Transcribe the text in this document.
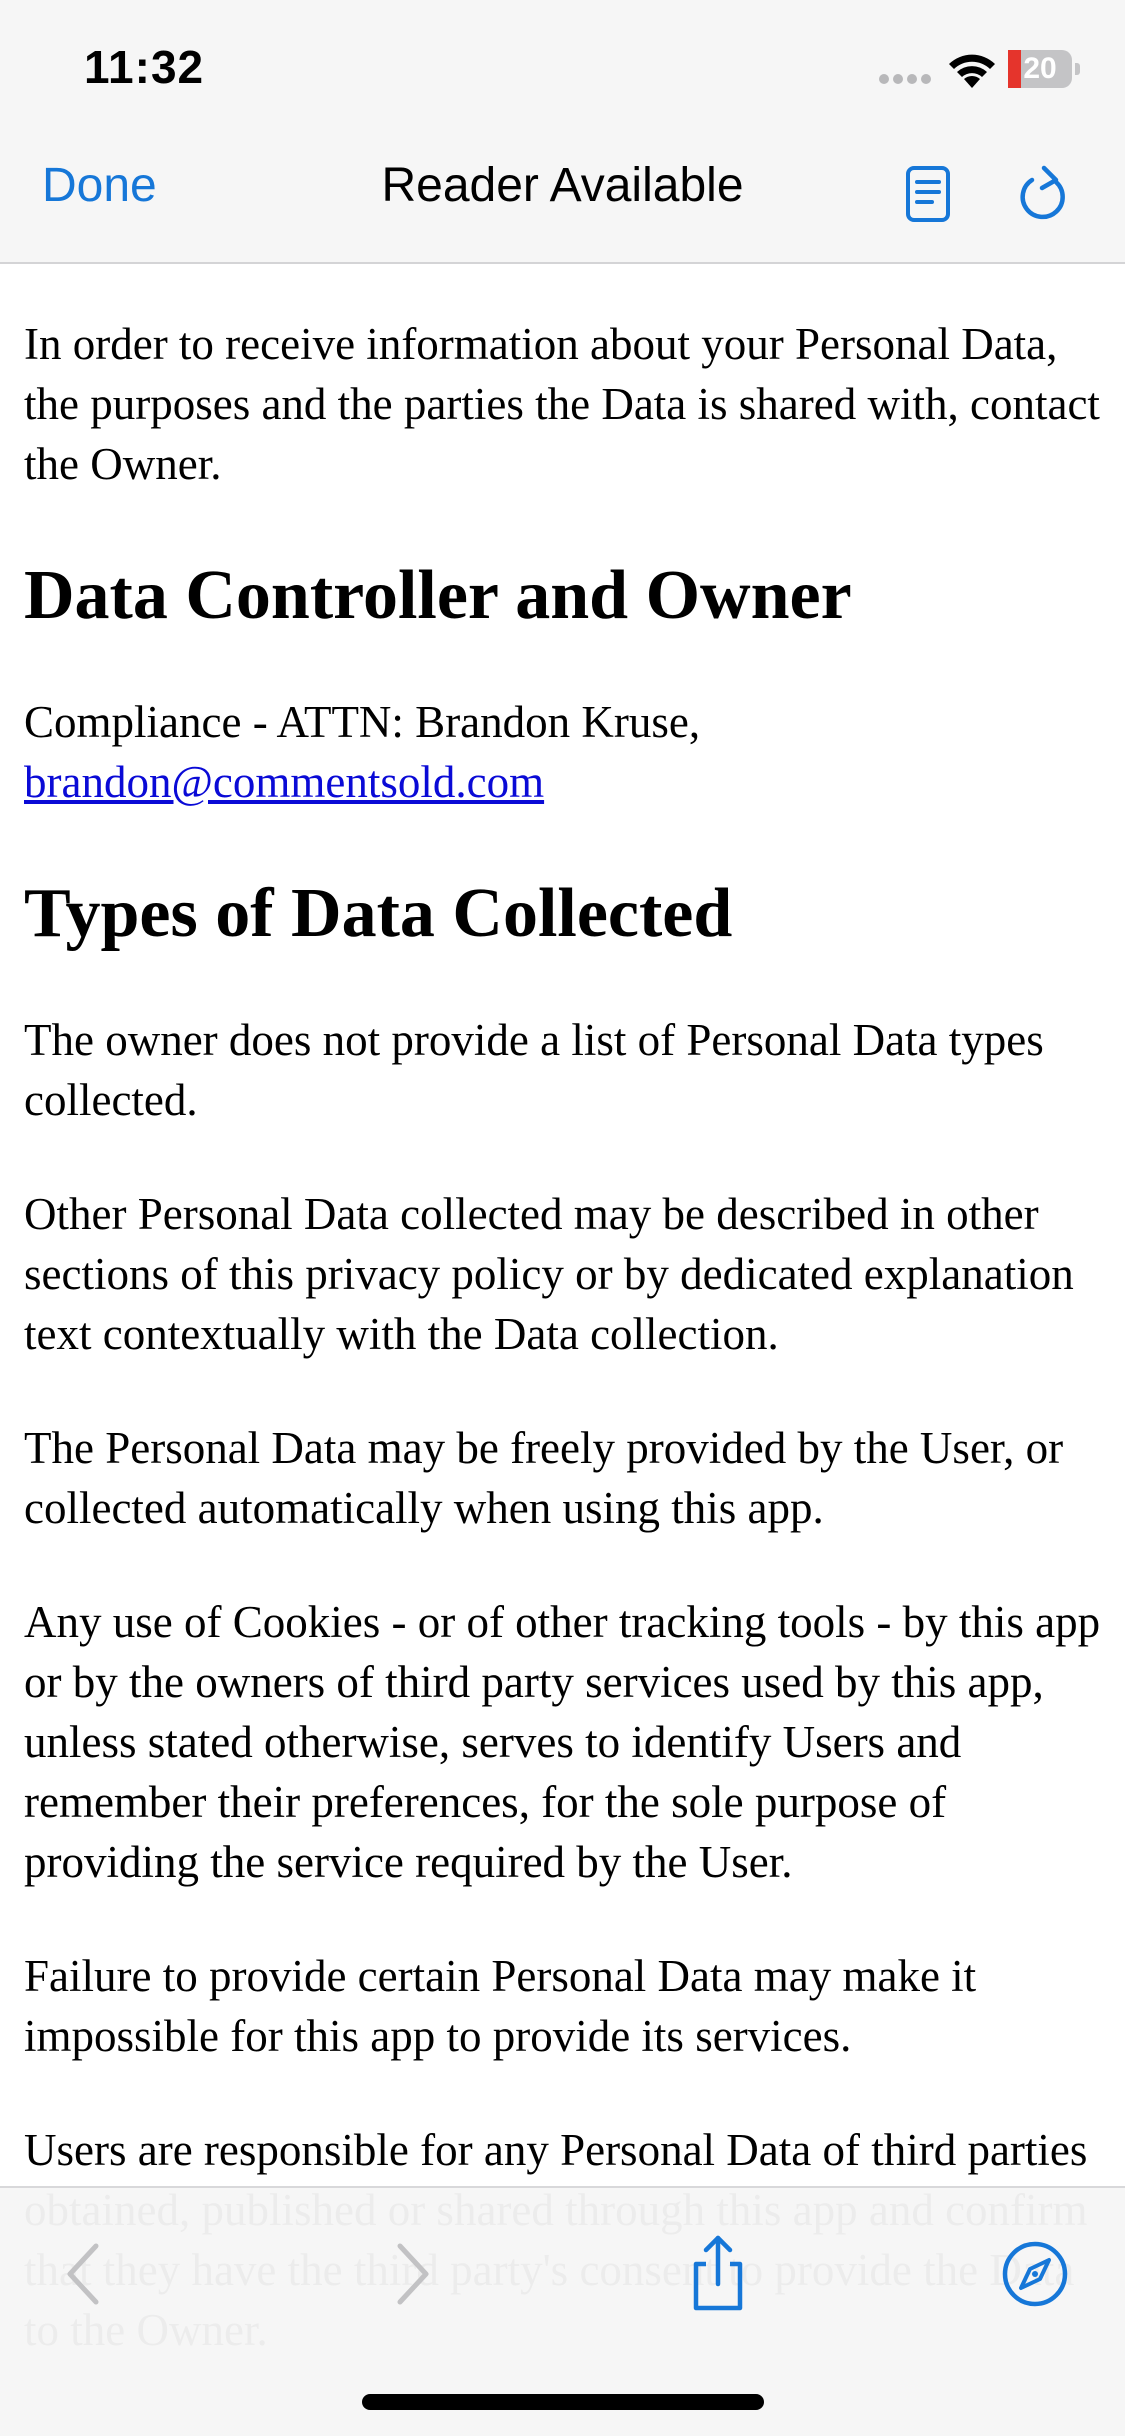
11:32	20
Done	Reader Available

In order to receive information about your Personal Data, the purposes and the parties the Data is shared with, contact the Owner.

Data Controller and Owner

Compliance - ATTN: Brandon Kruse,
brandon@commentsold.com

Types of Data Collected

The owner does not provide a list of Personal Data types collected.

Other Personal Data collected may be described in other sections of this privacy policy or by dedicated explanation text contextually with the Data collection.

The Personal Data may be freely provided by the User, or collected automatically when using this app.

Any use of Cookies - or of other tracking tools - by this app or by the owners of third party services used by this app, unless stated otherwise, serves to identify Users and remember their preferences, for the sole purpose of providing the service required by the User.

Failure to provide certain Personal Data may make it impossible for this app to provide its services.

Users are responsible for any Personal Data of third parties
